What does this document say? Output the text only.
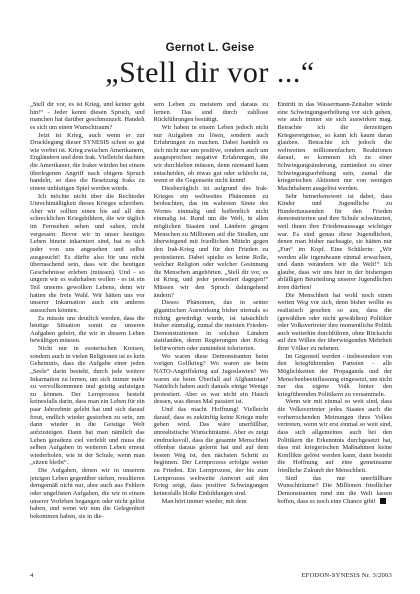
Gernot L. Geise
„Stell dir vor ...“

„Stell dir vor, es ist Krieg, und keiner geht hin!“ - Jeder kennt diesen Spruch, und manchen hat darüber geschmunzelt. Handelt es sich um einen Wunschtraum?

Jetzt ist Krieg, auch wenn er zur Drucklegung dieser SYNESIS schon so gut wie vorbei ist. Krieg zwischen Amerikanern, Engländern und dem Irak. Vielleicht dachten die Amerikaner, die Iraker würden bei einem überlegenen Angriff nach obigem Spruch handeln, so dass die Besetzung Iraks zu einem unblutigen Spiel werden würde.

Ich möchte nicht über die Rechtoder Unrechtmäßigkeit dieses Krieges schreiben. Aber wir sollten einen bis auf all den schrecklichen Kriegsbildern, die wir täglich im Fernsehen sehen und sahen, nicht vergessen: Bevor wir in unser heutiges Leben hinein inkarniert sind, hat es sich jeder von uns angesehen und selbst ausgesucht! Es dürfte also für uns nicht überraschend sein, dass wir die heutigen Geschehnisse erleben (müssen). Und - so ungern wir es wahrhaben wollen - es ist ein Teil unseres gewollten Lebens, denn wir hatten die freie Wahl. Wir hätten uns vor unserer Inkarnation auch ein anderes aussuchen können.

Es müsste uns deutlich werden, dass die heutige Situation somit zu unseren Aufgaben gehört, die wir in diesem Leben bewältigen müssen.

Nicht nur in esoterischen Kreisen, sondern auch in vielen Religionen ist es kein Geheimnis, dass die Aufgabe einer jeden „Seele“ darin besteht, durch jede weitere Inkarnation zu lernen, um sich immer mehr zu vervollkommnen und geistig aufsteigen zu können. Der Lernprozess besteht keinesfalls darin, dass man ein Leben für ein paar Jahrzehnte gelebt hat und sich darauf freut, endlich wieder gestorben zu sein, um dann wieder in die Geistige Welt aufzusteigen. Dann hat man nämlich das Leben geradezu ziel verfehlt und muss die selben Aufgaben in weiteren Leben erneut wiederholen, wie in der Schule, wenn man „sitzen bleibt“.

Die Aufgaben, denen wir in unserem jetzigen Leben gegenüber stehen, resultieren demgemäß nicht nur, aber auch aus Fehlern oder ungelösten Aufgaben, die wir in einem unserer Vorleben begangen oder nicht gelöst haben, und wenn wir nun die Gelegenheit bekommen haben, sie in die-

sem Leben zu meistern und daraus zu lernen. Das sind durch zahllose Rückführungen bestätigt.

Wir haben in einem Leben jedoch nicht nur Aufgaben zu lösen, sondern auch Erfahrungen zu machen. Dabei handelt es sich nicht nur um positive, sondern auch um ausgesprochen negative Erfahrungen, die wir durchleben müssen, denn niemand kann entscheiden, ob etwas gut oder schlecht ist, wenn er die Gegenseite nicht kennt!

Diesbezüglich ist aufgrund des Irak-Krieges ein weltweites Phänomen zu beobachten, das im wahrsten Sinne des Wortes einmalig und hoffentlich nicht einmalig ist. Rund um die Welt, in allen möglichen Staaten und Ländern gingen Menschen zu Millionen auf die Straßen, um überwiegend mit friedlichen Mitteln gegen den Irak-Krieg und für den Frieden zu protestieren. Dabei spielte es keine Rolle, welcher Religion oder welcher Gesinnung die Menschen angehörten. „Stell dir vor, es ist Krieg, und jeder protestiert dagegen!“ Müssen wir den Spruch dahingehend ändern?

Dieses Phänomen, das in seiner gigantischen Auswirkung bisher niemals so richtig gewürdigt wurde, ist tatsächlich bisher einmalig, zumal die meisten Frieden-Demonstrationen in solchen Ländern stattfanden, deren Regierungen den Krieg befürworten oder zumindest tolerierten.

Wo waren diese Demonstranten beim vorigen Golfkrieg? Wo waren sie beim NATO-Angriffskrieg auf Jugoslawien? Wo waren sie beim Überfall auf Afghanistan? Natürlich haben auch damals einige Wenige protestiert. Aber es war nicht ein Hauch dessen, was dieses Mal passiert ist.

Und das macht Hoffnung! Vielleicht darauf, dass es zukünftig keine Kriege mehr geben wird. Das wäre unerfüllbar, unrealistische Wunschträume. Aber es zeigt eindrucksvoll, dass die gesamte Menschheit offenbar daraus gelernt hat und auf dem besten Weg ist, den nächsten Schritt zu beginnen. Der Lernprozess erfolgte weiter zu Frieden. Ein Lernprozess, der bis zum Lernprozess weltweite Antwort auf den Krieg zeigt, dass positive Schwingungen keinesfalls bloße Einbildungen sind.

Man hört immer wieder, mit dem

Eintritt in das Wassermann-Zeitalter würde eine Schwingungserhöhung vor sich gehen, wie auch immer sie sich auswirken mag. Betrachte ich die derzeitigen Kriegsereignisse, so kann ich kaum daran glauben. Betrachte ich jedoch die weltweiten millionenfachen Reaktionen darauf, so kommen ich zu einer Schwingungsänderung, zumindest zu einer Schwingungserhöhung sein, zumal die kriegerischen Aktionen nur von wenigen Machthabern ausgelöst werden.

Sehr bemerkenswert ist dabei, dass Kinder und Jugendliche zu Hunderttausenden für den Frieden demonstrierten und ihre Schule schwänzten, weil ihnen ihre Friedensaussage wichtiger war. Es sind genau diese Jugendlichen, denen man bisher nachsagte, sie hätten nur „Fun“ im Kopf. Eine Schülerin: „Wir werden alle irgendwann einmal erwachsen, und dann verändern wir die Welt!“ Ich glaube, dass wir uns hier in der bisherigen abfälligen Beurteilung unserer Jugendlichen irren dürften!

Die Menschheit hat wohl noch einen weiten Weg vor sich, denn bisher wollte es realistisch gesehen so aus, dass die (gewählten oder nicht gewählten) Politiker oder Volksvertreter ihre momentliche Politik auch weiterhin durchführen, ohne Rücksicht auf den Willen der überwiegenden Mehrheit ihrer Völker zu nehmen.

Im Gegenteil werden - insbesondere von den kriegführenden Parteien - alle Möglichkeiten der Propaganda und der Menschenbeeinflussung eingesetzt, um nicht nur das eigene Volk hinter den kriegführenden Politikern zu versammeln.

Wenn wir mit einmal so weit sind, dass die Volksvertreter jedes Staates auch die vorherrschenden Meinungen ihres Volkes vertreten, wenn wir erst einmal so weit sind, dass sich allgemeines auch bei den Politikern die Erkenntnis durchgesetzt hat, dass mit kriegerischen Maßnahmen keine Konflikte gelöst werden kann, dann besteht die Hoffnung auf eine gemeinsame friedliche Zukunft der Menschheit.

Sind das nur unerfüllbare Wunschträume? Die Millionen friedlicher Demonstranten rund um die Welt lassen hoffen, dass es noch eine Chance gibt!

4	EFODON-SYNESIS Nr. 3/2003
